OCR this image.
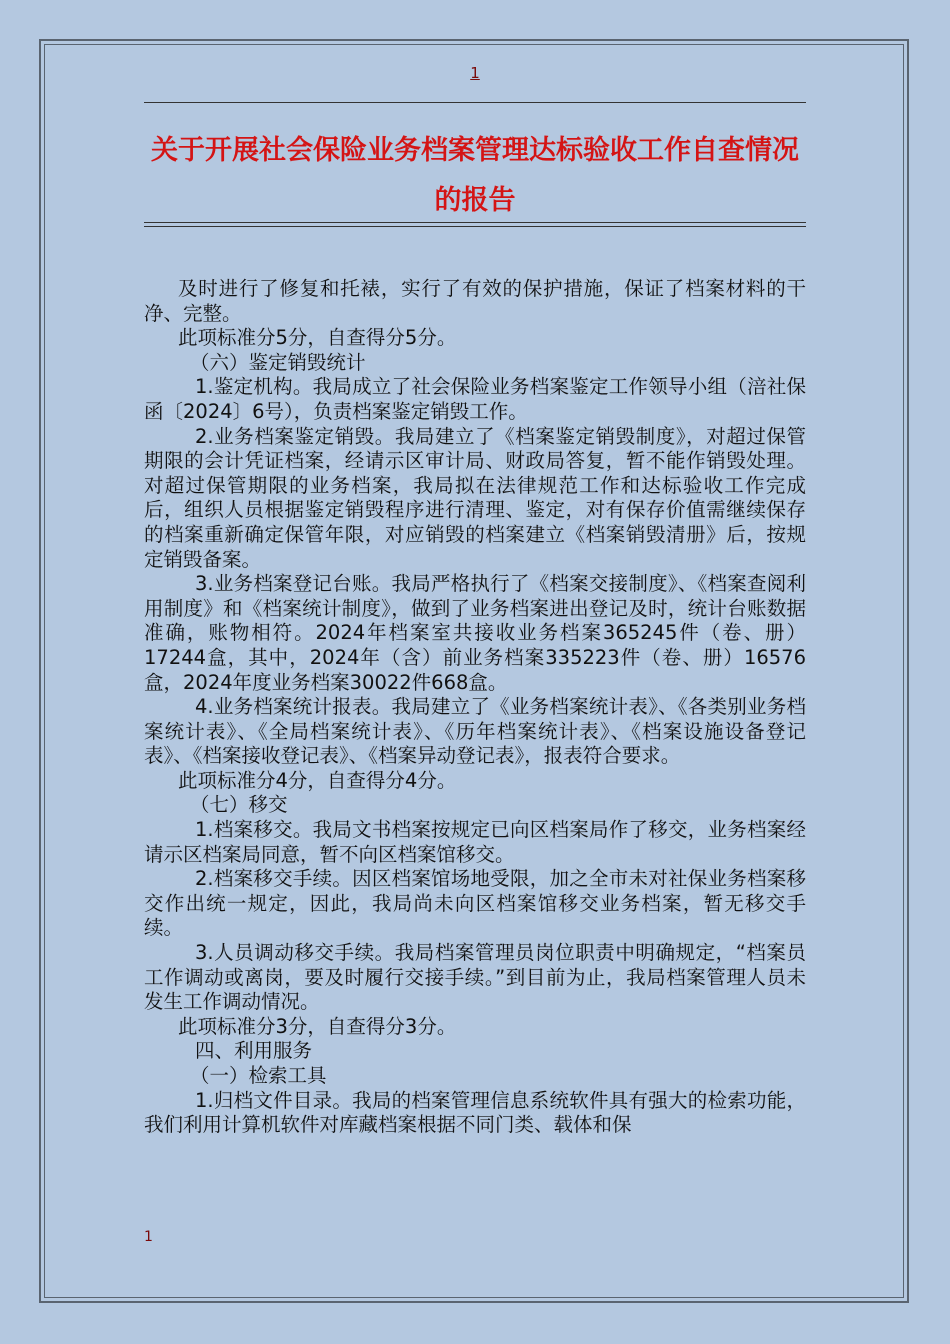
1
关于开展社会保险业务档案管理达标验收工作自查情况的报告

及时进行了修复和托裱，实行了有效的保护措施，保证了档案材料的干净、完整。

此项标准分5分，自查得分5分。

（六）鉴定销毁统计

1.鉴定机构。我局成立了社会保险业务档案鉴定工作领导小组（涪社保函〔2024〕6号），负责档案鉴定销毁工作。

2.业务档案鉴定销毁。我局建立了《档案鉴定销毁制度》，对超过保管期限的会计凭证档案，经请示区审计局、财政局答复，暂不能作销毁处理。对超过保管期限的业务档案，我局拟在法律规范工作和达标验收工作完成后，组织人员根据鉴定销毁程序进行清理、鉴定，对有保存价值需继续保存的档案重新确定保管年限，对应销毁的档案建立《档案销毁清册》后，按规定销毁备案。

3.业务档案登记台账。我局严格执行了《档案交接制度》、《档案查阅利用制度》和《档案统计制度》，做到了业务档案进出登记及时，统计台账数据准确，账物相符。2024年档案室共接收业务档案365245件（卷、册）17244盒，其中，2024年（含）前业务档案335223件（卷、册）16576盒，2024年度业务档案30022件668盒。

4.业务档案统计报表。我局建立了《业务档案统计表》、《各类别业务档案统计表》、《全局档案统计表》、《历年档案统计表》、《档案设施设备登记表》、《档案接收登记表》、《档案异动登记表》，报表符合要求。

此项标准分4分，自查得分4分。

（七）移交

1.档案移交。我局文书档案按规定已向区档案局作了移交，业务档案经请示区档案局同意，暂不向区档案馆移交。

2.档案移交手续。因区档案馆场地受限，加之全市未对社保业务档案移交作出统一规定，因此，我局尚未向区档案馆移交业务档案，暂无移交手续。

3.人员调动移交手续。我局档案管理员岗位职责中明确规定，“档案员工作调动或离岗，要及时履行交接手续。”到目前为止，我局档案管理人员未发生工作调动情况。

此项标准分3分，自查得分3分。

四、利用服务

（一）检索工具

1.归档文件目录。我局的档案管理信息系统软件具有强大的检索功能，我们利用计算机软件对库藏档案根据不同门类、载体和保

1
